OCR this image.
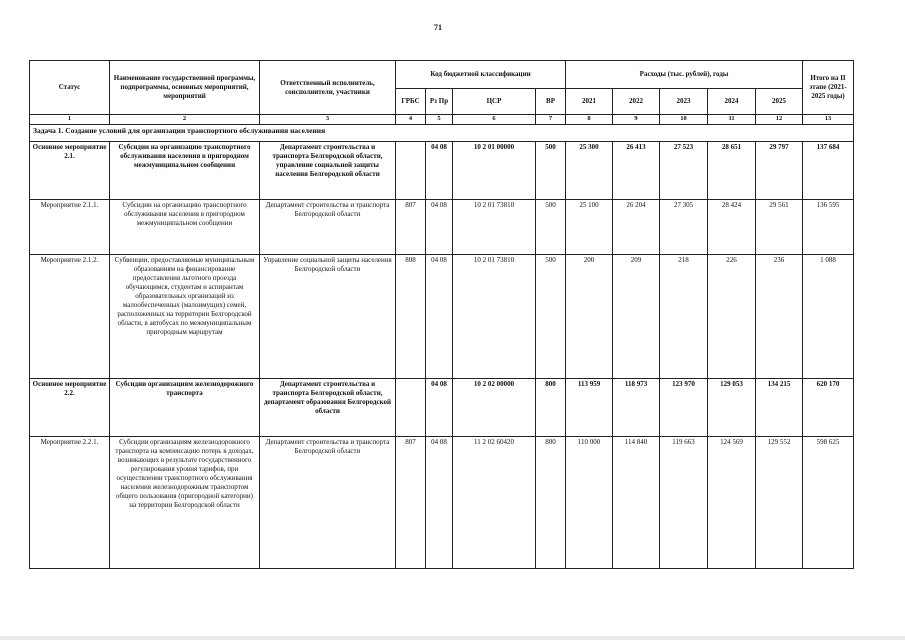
71
Статус	Наименование государственной программы, подпрограммы, основных мероприятий, мероприятий	Ответственный исполнитель, соисполнители, участники	Код бюджетной классификации				Расходы (тыс. рублей), годы					Итого на II этапе (2021-2025 годы)
			ГРБС	Рз Пр	ЦСР	ВР	2021	2022	2023	2024	2025	
1	2	3	4	5	6	7	8	9	10	11	12	13
Задача 1. Создание условий для организации транспортного обслуживания населения												
Основное мероприятие 2.1.	Субсидии на организацию транспортного обслуживания населения в пригородном межмуниципальном сообщении	Департамент строительства и транспорта Белгородской области, управление социальной защиты населения Белгородской области		04 08	10 2 01 00000	500	25 300	26 413	27 523	28 651	29 797	137 684
Мероприятие 2.1.1.	Субсидии на организацию транспортного обслуживания населения в пригородном межмуниципальном сообщении	Департамент строительства и транспорта Белгородской области	807	04 08	10 2 01 73810	500	25 100	26 204	27 305	28 424	29 561	136 595
Мероприятие 2.1.2.	Субвенции, предоставляемые муниципальным образованиям на финансирование предоставления льготного проезда обучающимся, студентам и аспирантам образовательных организаций из малообеспеченных (малоимущих) семей, расположенных на территории Белгородской области, в автобусах по межмуниципальным пригородным маршрутам	Управление социальной защиты населения Белгородской области	808	04 08	10 2 01 73810	500	200	209	218	226	236	1 088
Основное мероприятие 2.2.	Субсидии организациям железнодорожного транспорта	Департамент строительства и транспорта Белгородской области, департамент образования Белгородской области		04 08	10 2 02 00000	800	113 959	118 973	123 970	129 053	134 215	620 170
Мероприятие 2.2.1.	Субсидии организациям железнодорожного транспорта на компенсацию потерь в доходах, возникающих в результате государственного регулирования уровня тарифов, при осуществлении транспортного обслуживания населения железнодорожным транспортом общего пользования (пригородной категории) на территории Белгородской области	Департамент строительства и транспорта Белгородской области	807	04 08	11 2 02 60420	800	110 000	114 840	119 663	124 569	129 552	598 625
